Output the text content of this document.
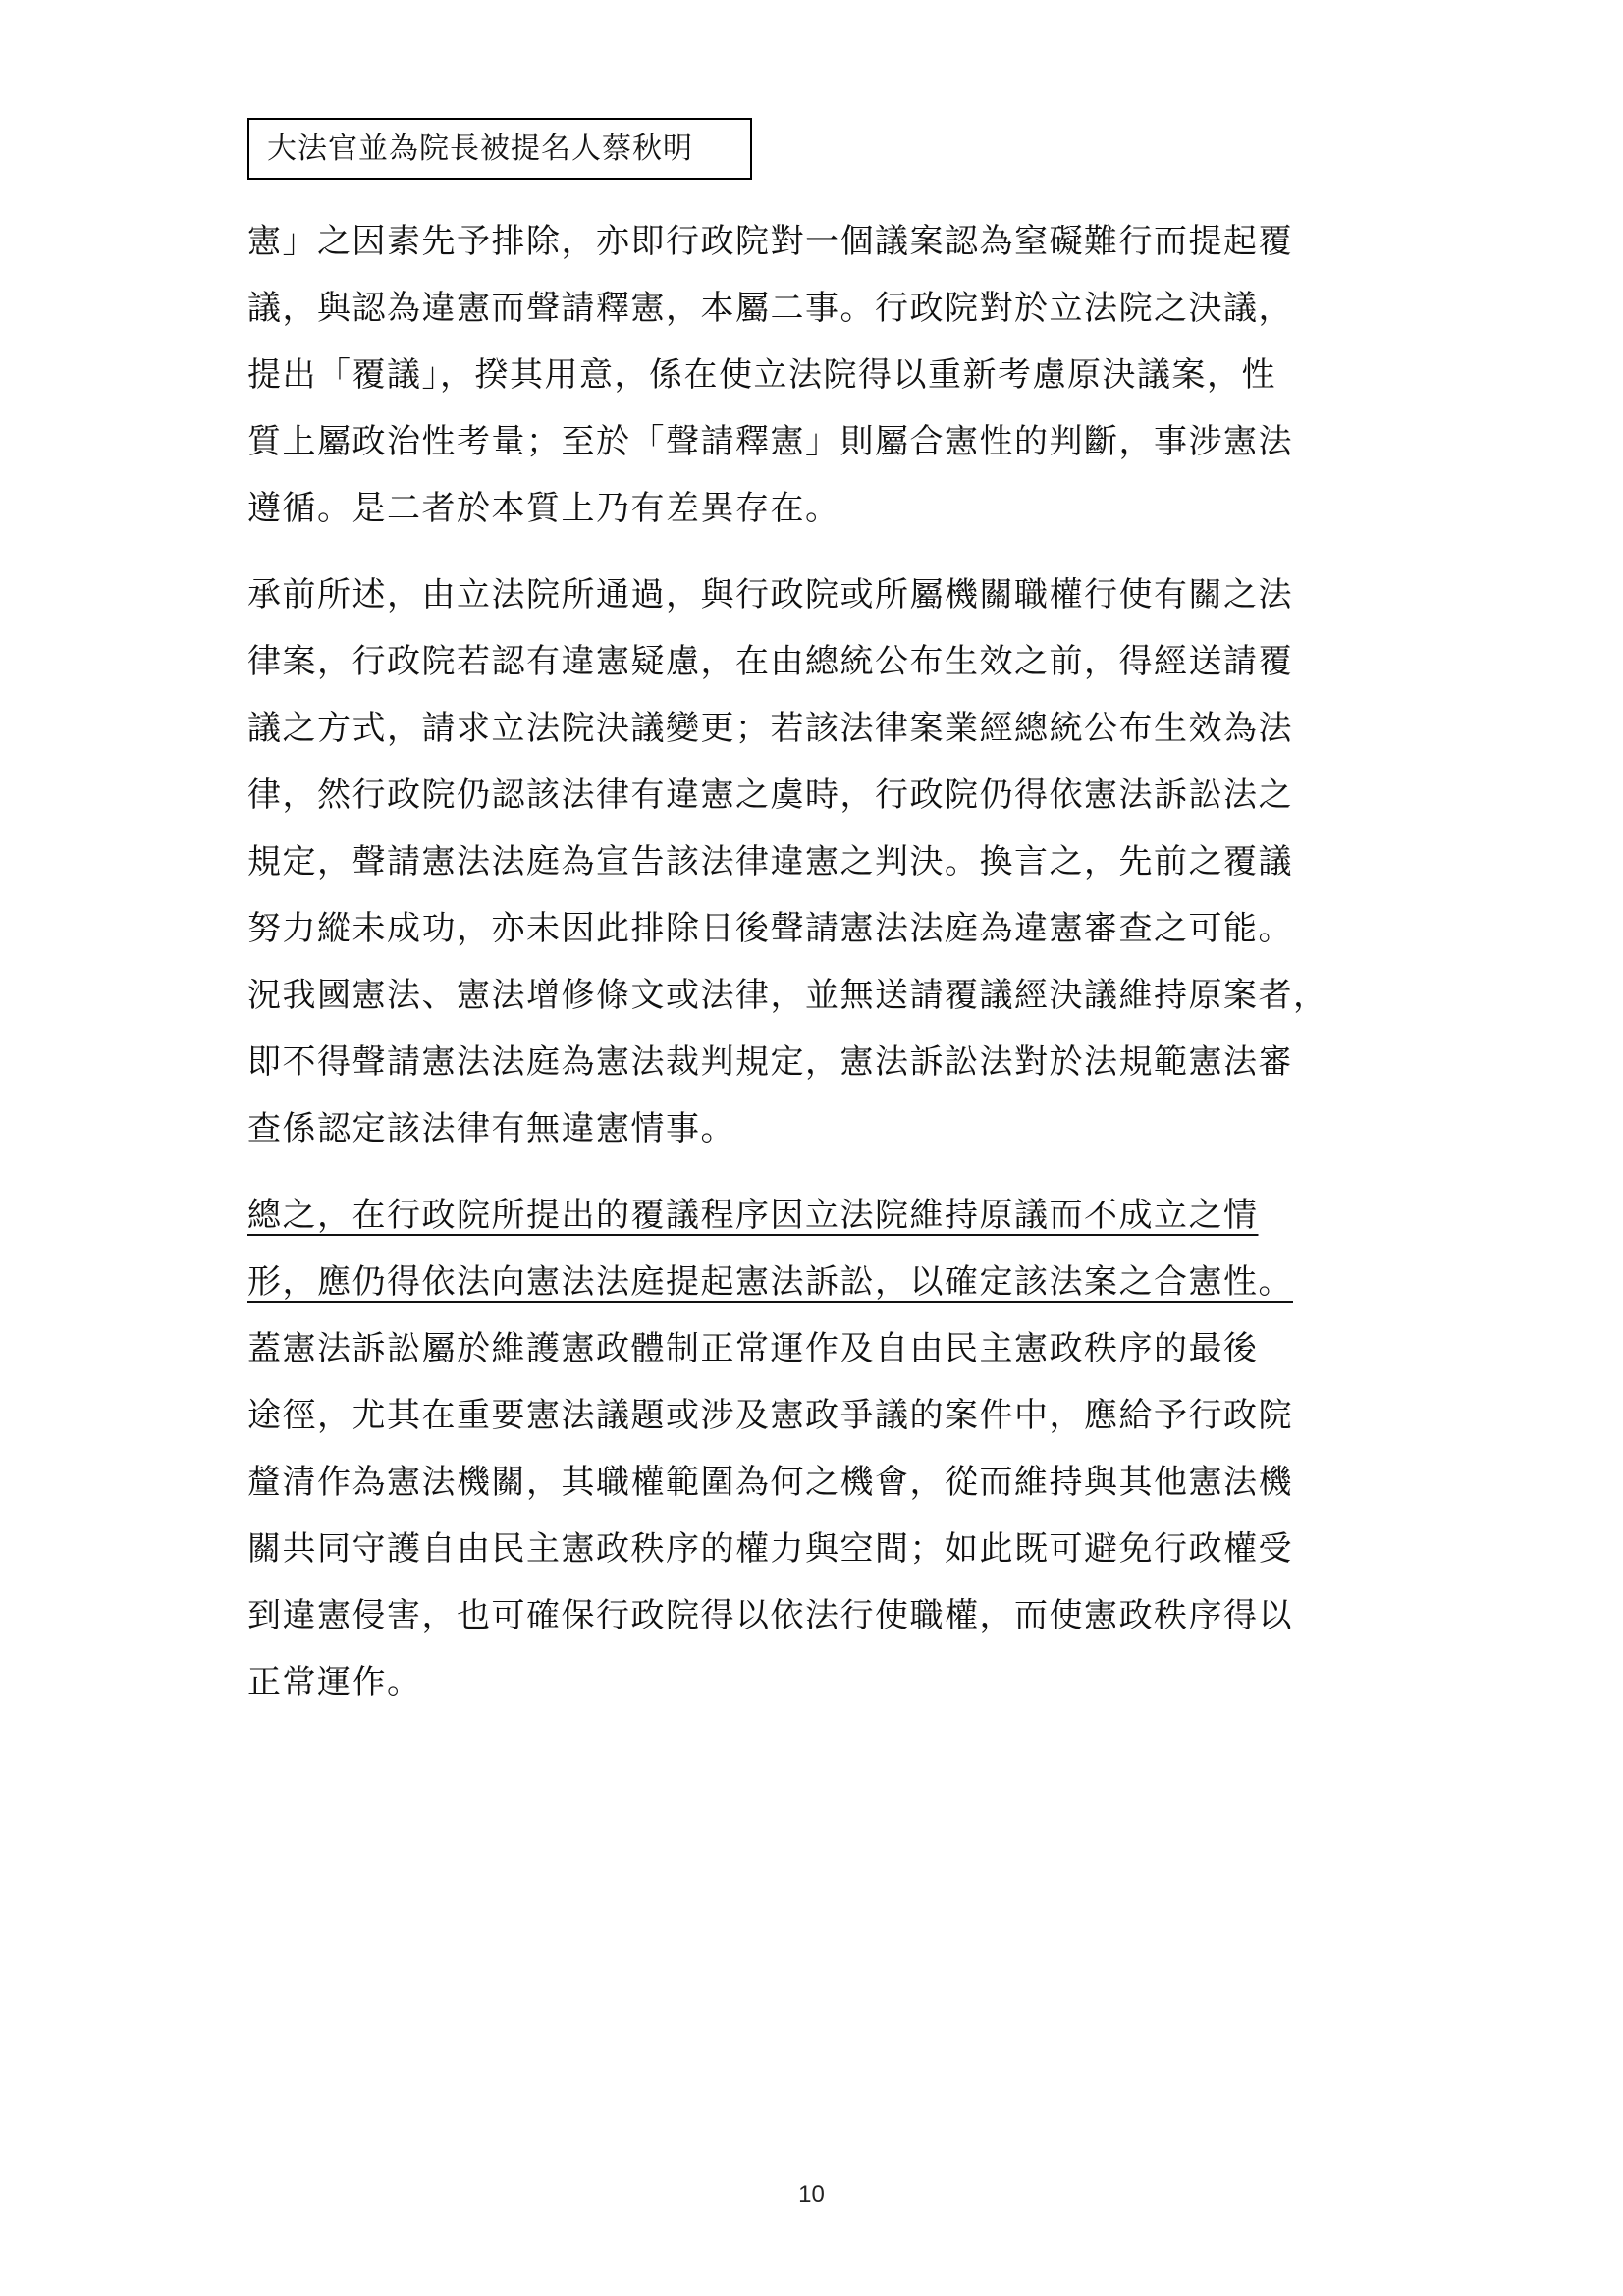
大法官並為院長被提名人蔡秋明
憲」之因素先予排除，亦即行政院對一個議案認為窒礙難行而提起覆
議，與認為違憲而聲請釋憲，本屬二事。行政院對於立法院之決議，
提出「覆議」，揆其用意，係在使立法院得以重新考慮原決議案，性
質上屬政治性考量；至於「聲請釋憲」則屬合憲性的判斷，事涉憲法
遵循。是二者於本質上乃有差異存在。
承前所述，由立法院所通過，與行政院或所屬機關職權行使有關之法
律案，行政院若認有違憲疑慮，在由總統公布生效之前，得經送請覆
議之方式，請求立法院決議變更；若該法律案業經總統公布生效為法
律，然行政院仍認該法律有違憲之虞時，行政院仍得依憲法訴訟法之
規定，聲請憲法法庭為宣告該法律違憲之判決。換言之，先前之覆議
努力縱未成功，亦未因此排除日後聲請憲法法庭為違憲審查之可能。
況我國憲法、憲法增修條文或法律，並無送請覆議經決議維持原案者，
即不得聲請憲法法庭為憲法裁判規定，憲法訴訟法對於法規範憲法審
查係認定該法律有無違憲情事。
總之，在行政院所提出的覆議程序因立法院維持原議而不成立之情
形，應仍得依法向憲法法庭提起憲法訴訟，以確定該法案之合憲性。
蓋憲法訴訟屬於維護憲政體制正常運作及自由民主憲政秩序的最後
途徑，尤其在重要憲法議題或涉及憲政爭議的案件中，應給予行政院
釐清作為憲法機關，其職權範圍為何之機會，從而維持與其他憲法機
關共同守護自由民主憲政秩序的權力與空間；如此既可避免行政權受
到違憲侵害，也可確保行政院得以依法行使職權，而使憲政秩序得以
正常運作。
10
